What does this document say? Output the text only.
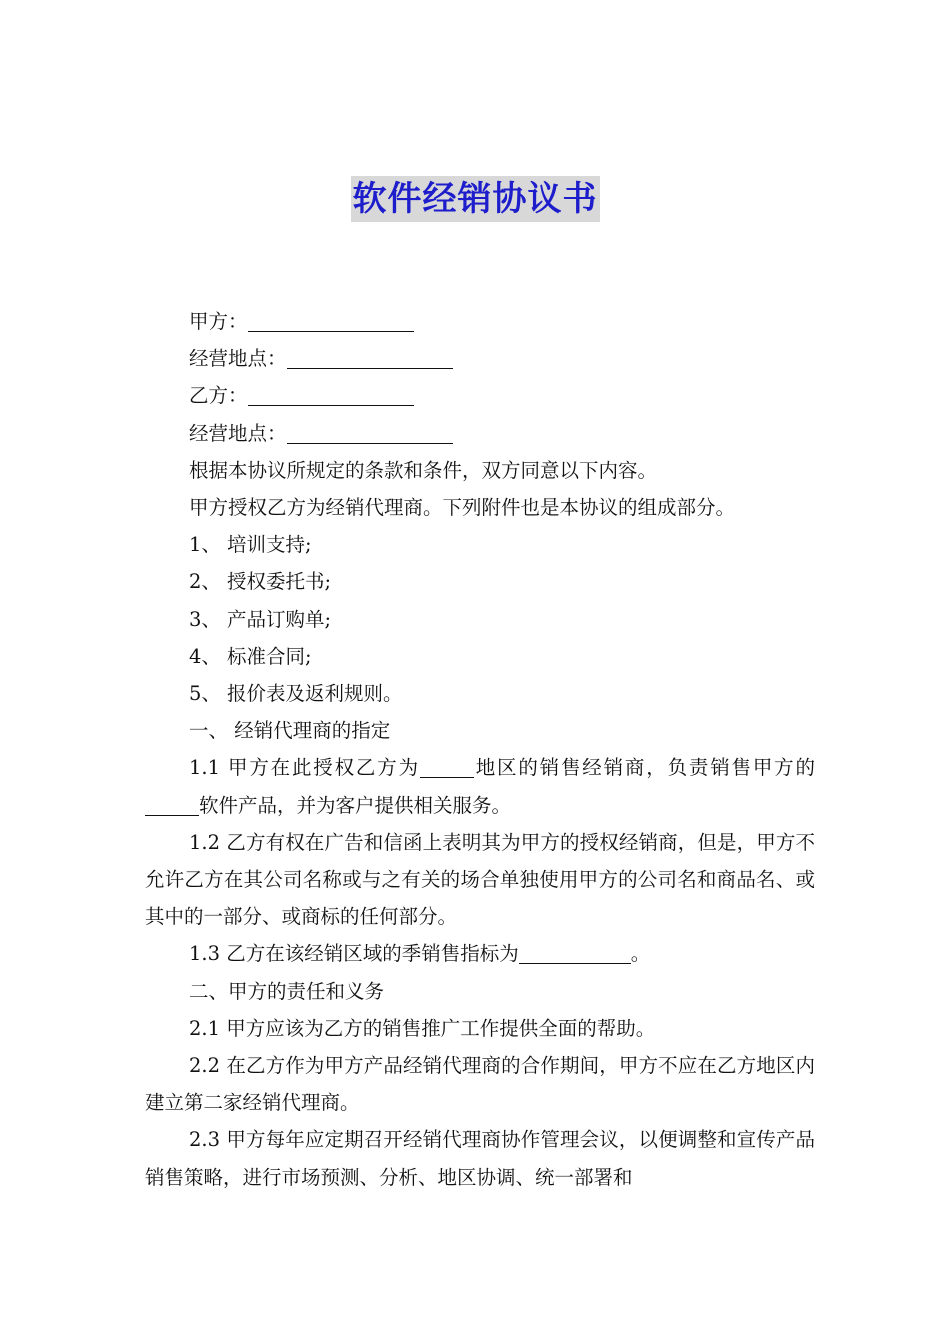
软件经销协议书

甲方：

经营地点：

乙方：

经营地点：

根据本协议所规定的条款和条件，双方同意以下内容。

甲方授权乙方为经销代理商。下列附件也是本协议的组成部分。

1、 培训支持;

2、 授权委托书;

3、 产品订购单;

4、 标准合同;

5、 报价表及返利规则。

一、 经销代理商的指定

1.1 甲方在此授权乙方为	地区的销售经销商，负责销售甲方的软件产品，并为客户提供相关服务。

1.2 乙方有权在广告和信函上表明其为甲方的授权经销商，但是，甲方不允许乙方在其公司名称或与之有关的场合单独使用甲方的公司名和商品名、或其中的一部分、或商标的任何部分。

1.3 乙方在该经销区域的季销售指标为	。

二、甲方的责任和义务

2.1 甲方应该为乙方的销售推广工作提供全面的帮助。

2.2 在乙方作为甲方产品经销代理商的合作期间，甲方不应在乙方地区内建立第二家经销代理商。

2.3 甲方每年应定期召开经销代理商协作管理会议，以便调整和宣传产品销售策略，进行市场预测、分析、地区协调、统一部署和
